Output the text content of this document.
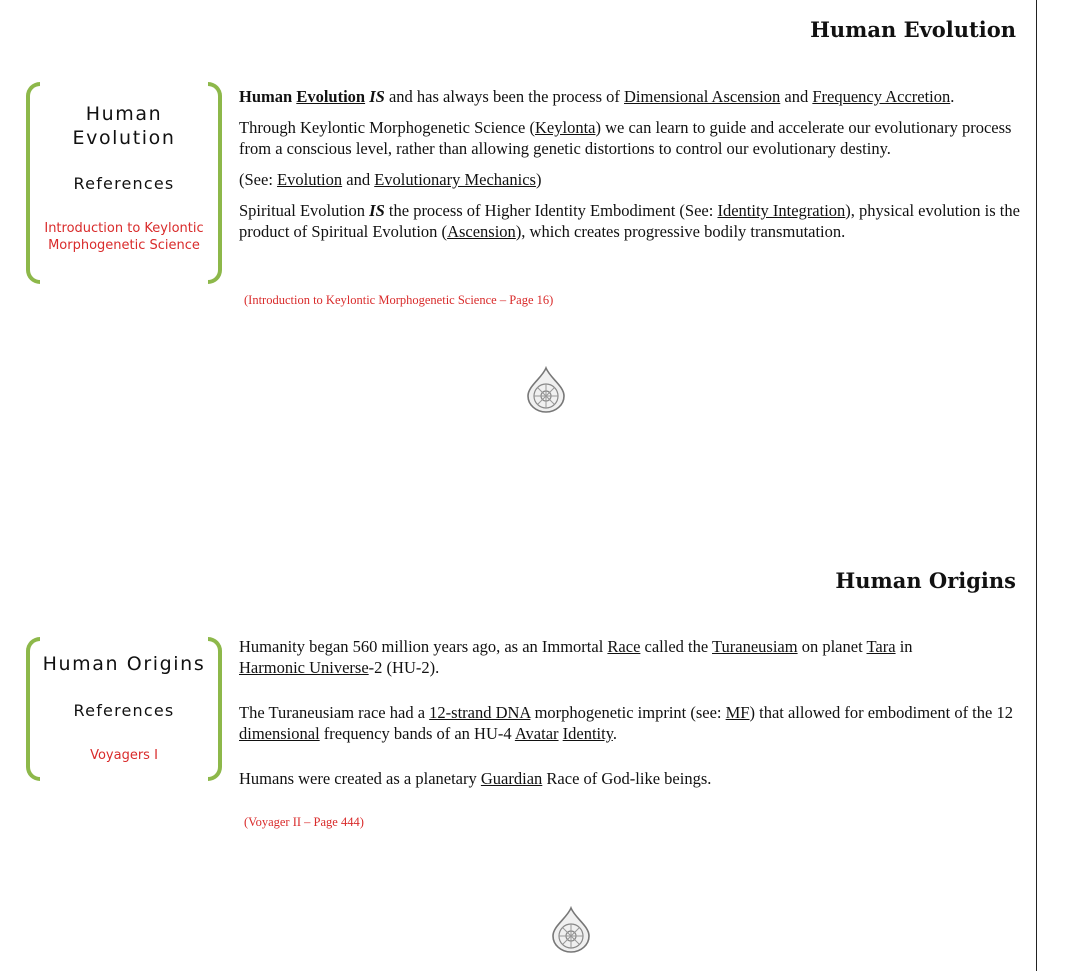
Human Evolution
Human
Evolution
References
Introduction to Keylontic Morphogenetic Science

Human Evolution IS and has always been the process of Dimensional Ascension and Frequency Accretion.

Through Keylontic Morphogenetic Science (Keylonta) we can learn to guide and accelerate our evolutionary process from a conscious level, rather than allowing genetic distortions to control our evolutionary destiny.

(See: Evolution and Evolutionary Mechanics)

Spiritual Evolution IS the process of Higher Identity Embodiment (See: Identity Integration), physical evolution is the product of Spiritual Evolution (Ascension), which creates progressive bodily transmutation.

(Introduction to Keylontic Morphogenetic Science – Page 16)
Human Origins
Human Origins
References
Voyagers I

Humanity began 560 million years ago, as an Immortal Race called the Turaneusiam on planet Tara in
Harmonic Universe-2 (HU-2).

The Turaneusiam race had a 12-strand DNA morphogenetic imprint (see: MF) that allowed for embodiment of the 12 dimensional frequency bands of an HU-4 Avatar Identity.

Humans were created as a planetary Guardian Race of God-like beings.

(Voyager II – Page 444)
